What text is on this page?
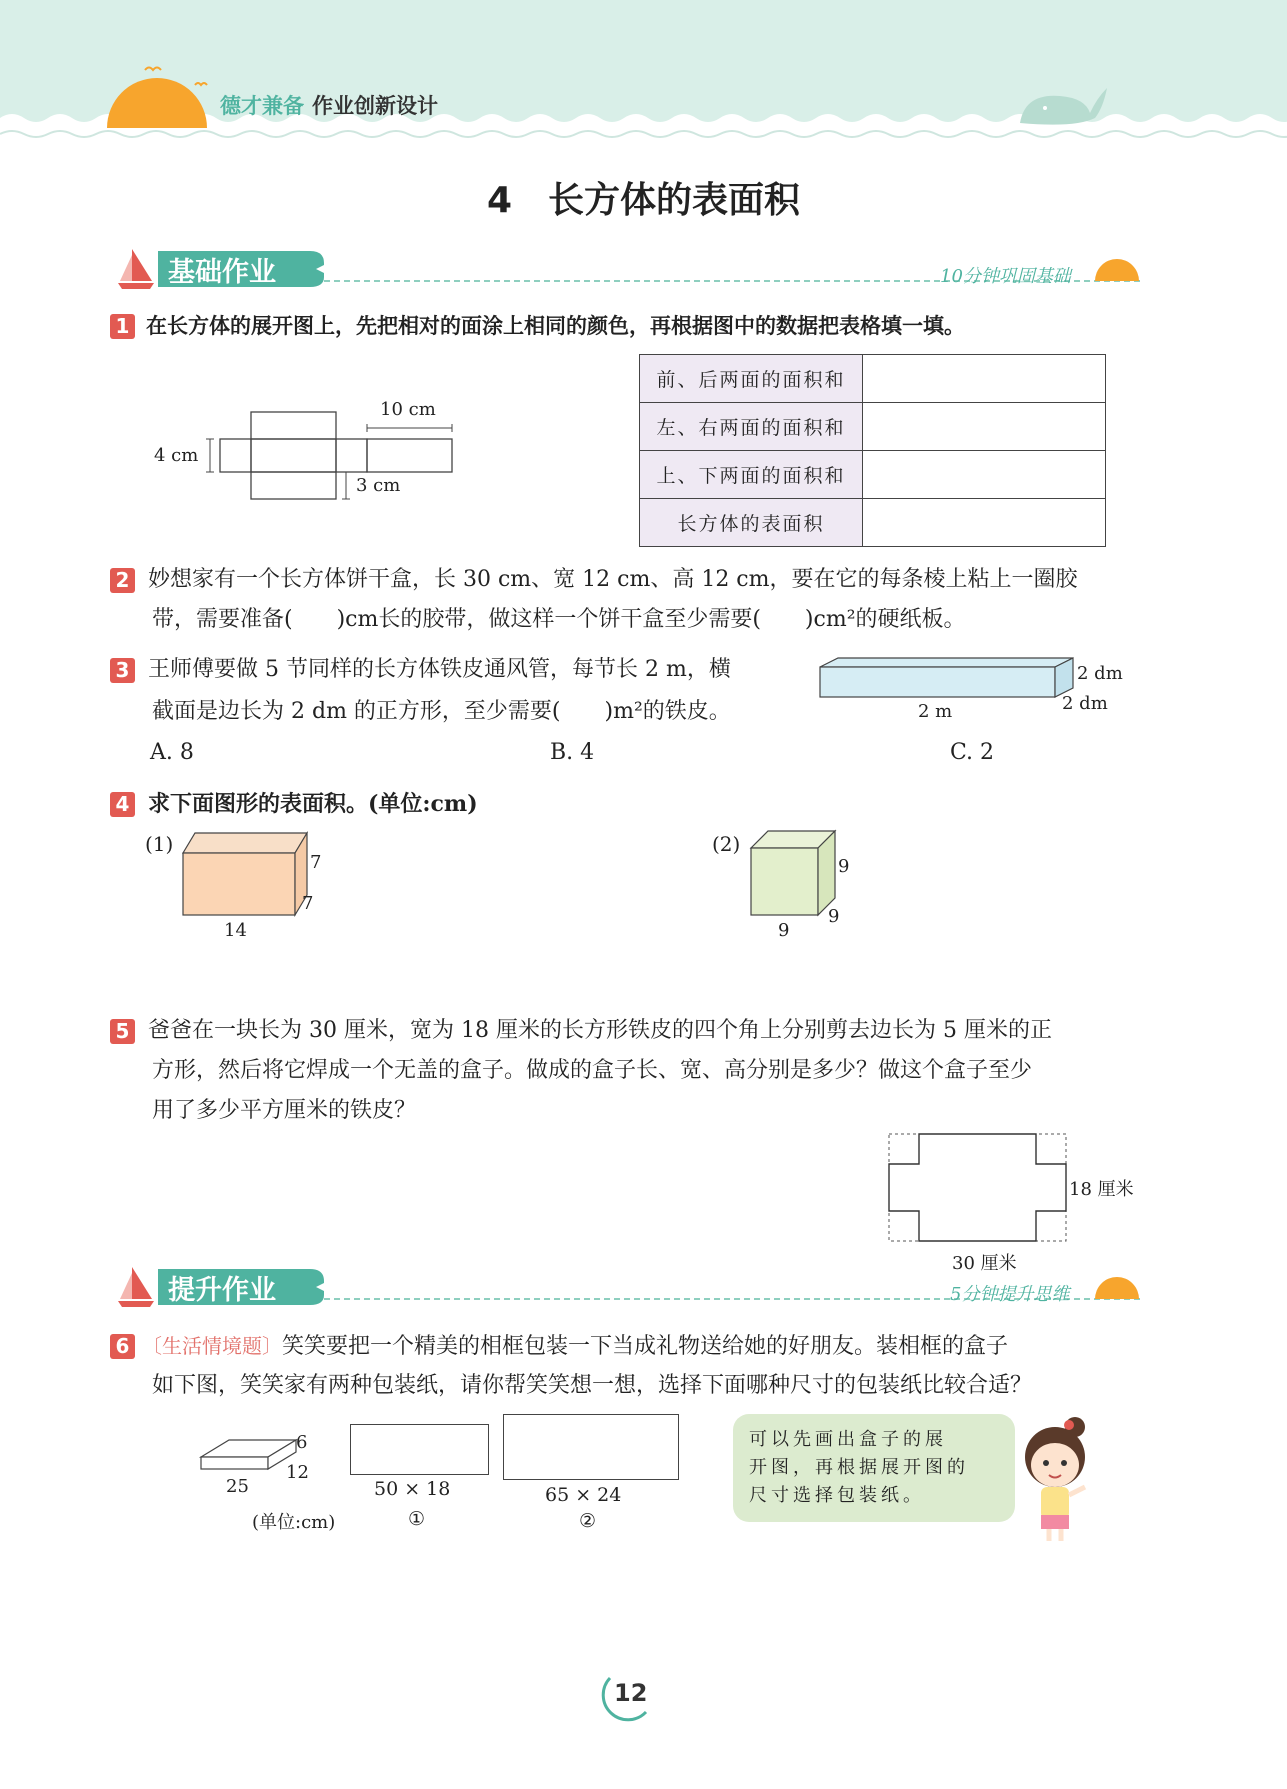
德才兼备 作业创新设计
4　长方体的表面积
基础作业	10分钟巩固基础
1 在长方体的展开图上，先把相对的面涂上相同的颜色，再根据图中的数据把表格填一填。
10 cm
4 cm
3 cm
前、后两面的面积和	
左、右两面的面积和	
上、下两面的面积和	
长方体的表面积	
2 妙想家有一个长方体饼干盒，长 30 cm、宽 12 cm、高 12 cm，要在它的每条棱上粘上一圈胶
带，需要准备(　　)cm长的胶带，做这样一个饼干盒至少需要(　　)cm²的硬纸板。
3 王师傅要做 5 节同样的长方体铁皮通风管，每节长 2 m，横
截面是边长为 2 dm 的正方形，至少需要(　　)m²的铁皮。
2 dm
2 dm
2 m
A. 8	B. 4	C. 2
4 求下面图形的表面积。(单位:cm)
(1)
7
7
14
(2)
9
9
9
5 爸爸在一块长为 30 厘米，宽为 18 厘米的长方形铁皮的四个角上分别剪去边长为 5 厘米的正
方形，然后将它焊成一个无盖的盒子。做成的盒子长、宽、高分别是多少？做这个盒子至少
用了多少平方厘米的铁皮？
18 厘米
30 厘米
提升作业	5分钟提升思维
6 〔生活情境题〕笑笑要把一个精美的相框包装一下当成礼物送给她的好朋友。装相框的盒子
如下图，笑笑家有两种包装纸，请你帮笑笑想一想，选择下面哪种尺寸的包装纸比较合适？
6
12
25
(单位:cm)
50 × 18
①
65 × 24
②
可以先画出盒子的展
开图，再根据展开图的
尺寸选择包装纸。
12
